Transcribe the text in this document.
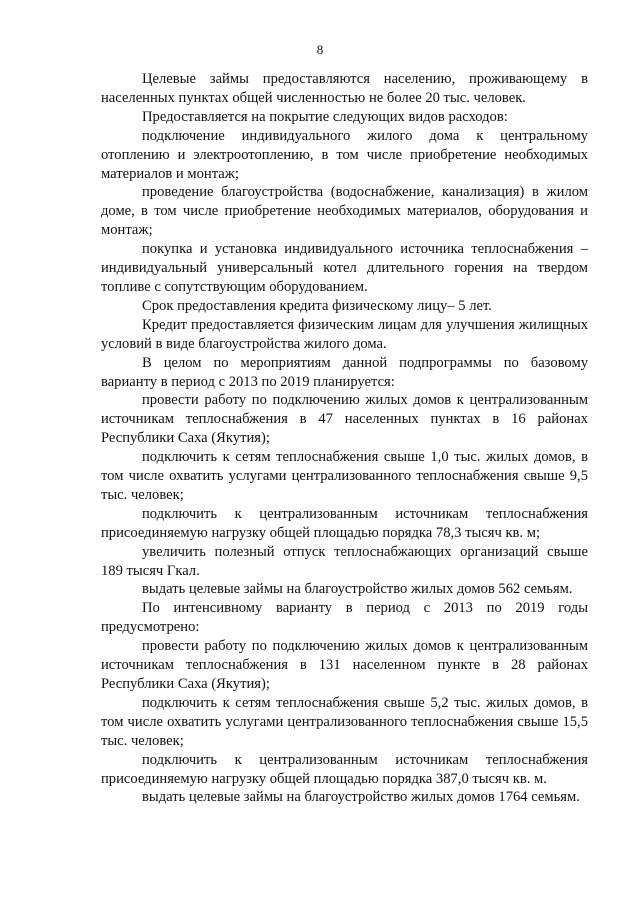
8

Целевые займы предоставляются населению, проживающему в населенных пунктах общей численностью не более 20 тыс. человек.

Предоставляется на покрытие следующих видов расходов:

подключение индивидуального жилого дома к центральному отоплению и электроотоплению, в том числе приобретение необходимых материалов и монтаж;

проведение благоустройства (водоснабжение, канализация) в жилом доме, в том числе приобретение необходимых материалов, оборудования и монтаж;

покупка и установка индивидуального источника теплоснабжения – индивидуальный универсальный котел длительного горения на твердом топливе с сопутствующим оборудованием.

Срок предоставления кредита физическому лицу– 5 лет.

Кредит предоставляется физическим лицам для улучшения жилищных условий в виде благоустройства жилого дома.

В целом по мероприятиям данной подпрограммы по базовому варианту в период с 2013 по 2019 планируется:

провести работу по подключению жилых домов к централизованным источникам теплоснабжения в 47 населенных пунктах в 16 районах Республики Саха (Якутия);

подключить к сетям теплоснабжения свыше 1,0 тыс. жилых домов, в том числе охватить услугами централизованного теплоснабжения свыше 9,5 тыс. человек;

подключить к централизованным источникам теплоснабжения присоединяемую нагрузку общей площадью порядка 78,3 тысяч кв. м;

увеличить полезный отпуск теплоснабжающих организаций свыше 189 тысяч Гкал.

выдать целевые займы на благоустройство жилых домов 562 семьям.

По интенсивному варианту в период с 2013 по 2019 годы предусмотрено:

провести работу по подключению жилых домов к централизованным источникам теплоснабжения в 131 населенном пункте в 28 районах Республики Саха (Якутия);

подключить к сетям теплоснабжения свыше 5,2 тыс. жилых домов, в том числе охватить услугами централизованного теплоснабжения свыше 15,5 тыс. человек;

подключить к централизованным источникам теплоснабжения присоединяемую нагрузку общей площадью порядка 387,0 тысяч кв. м.

выдать целевые займы на благоустройство жилых домов 1764 семьям.
